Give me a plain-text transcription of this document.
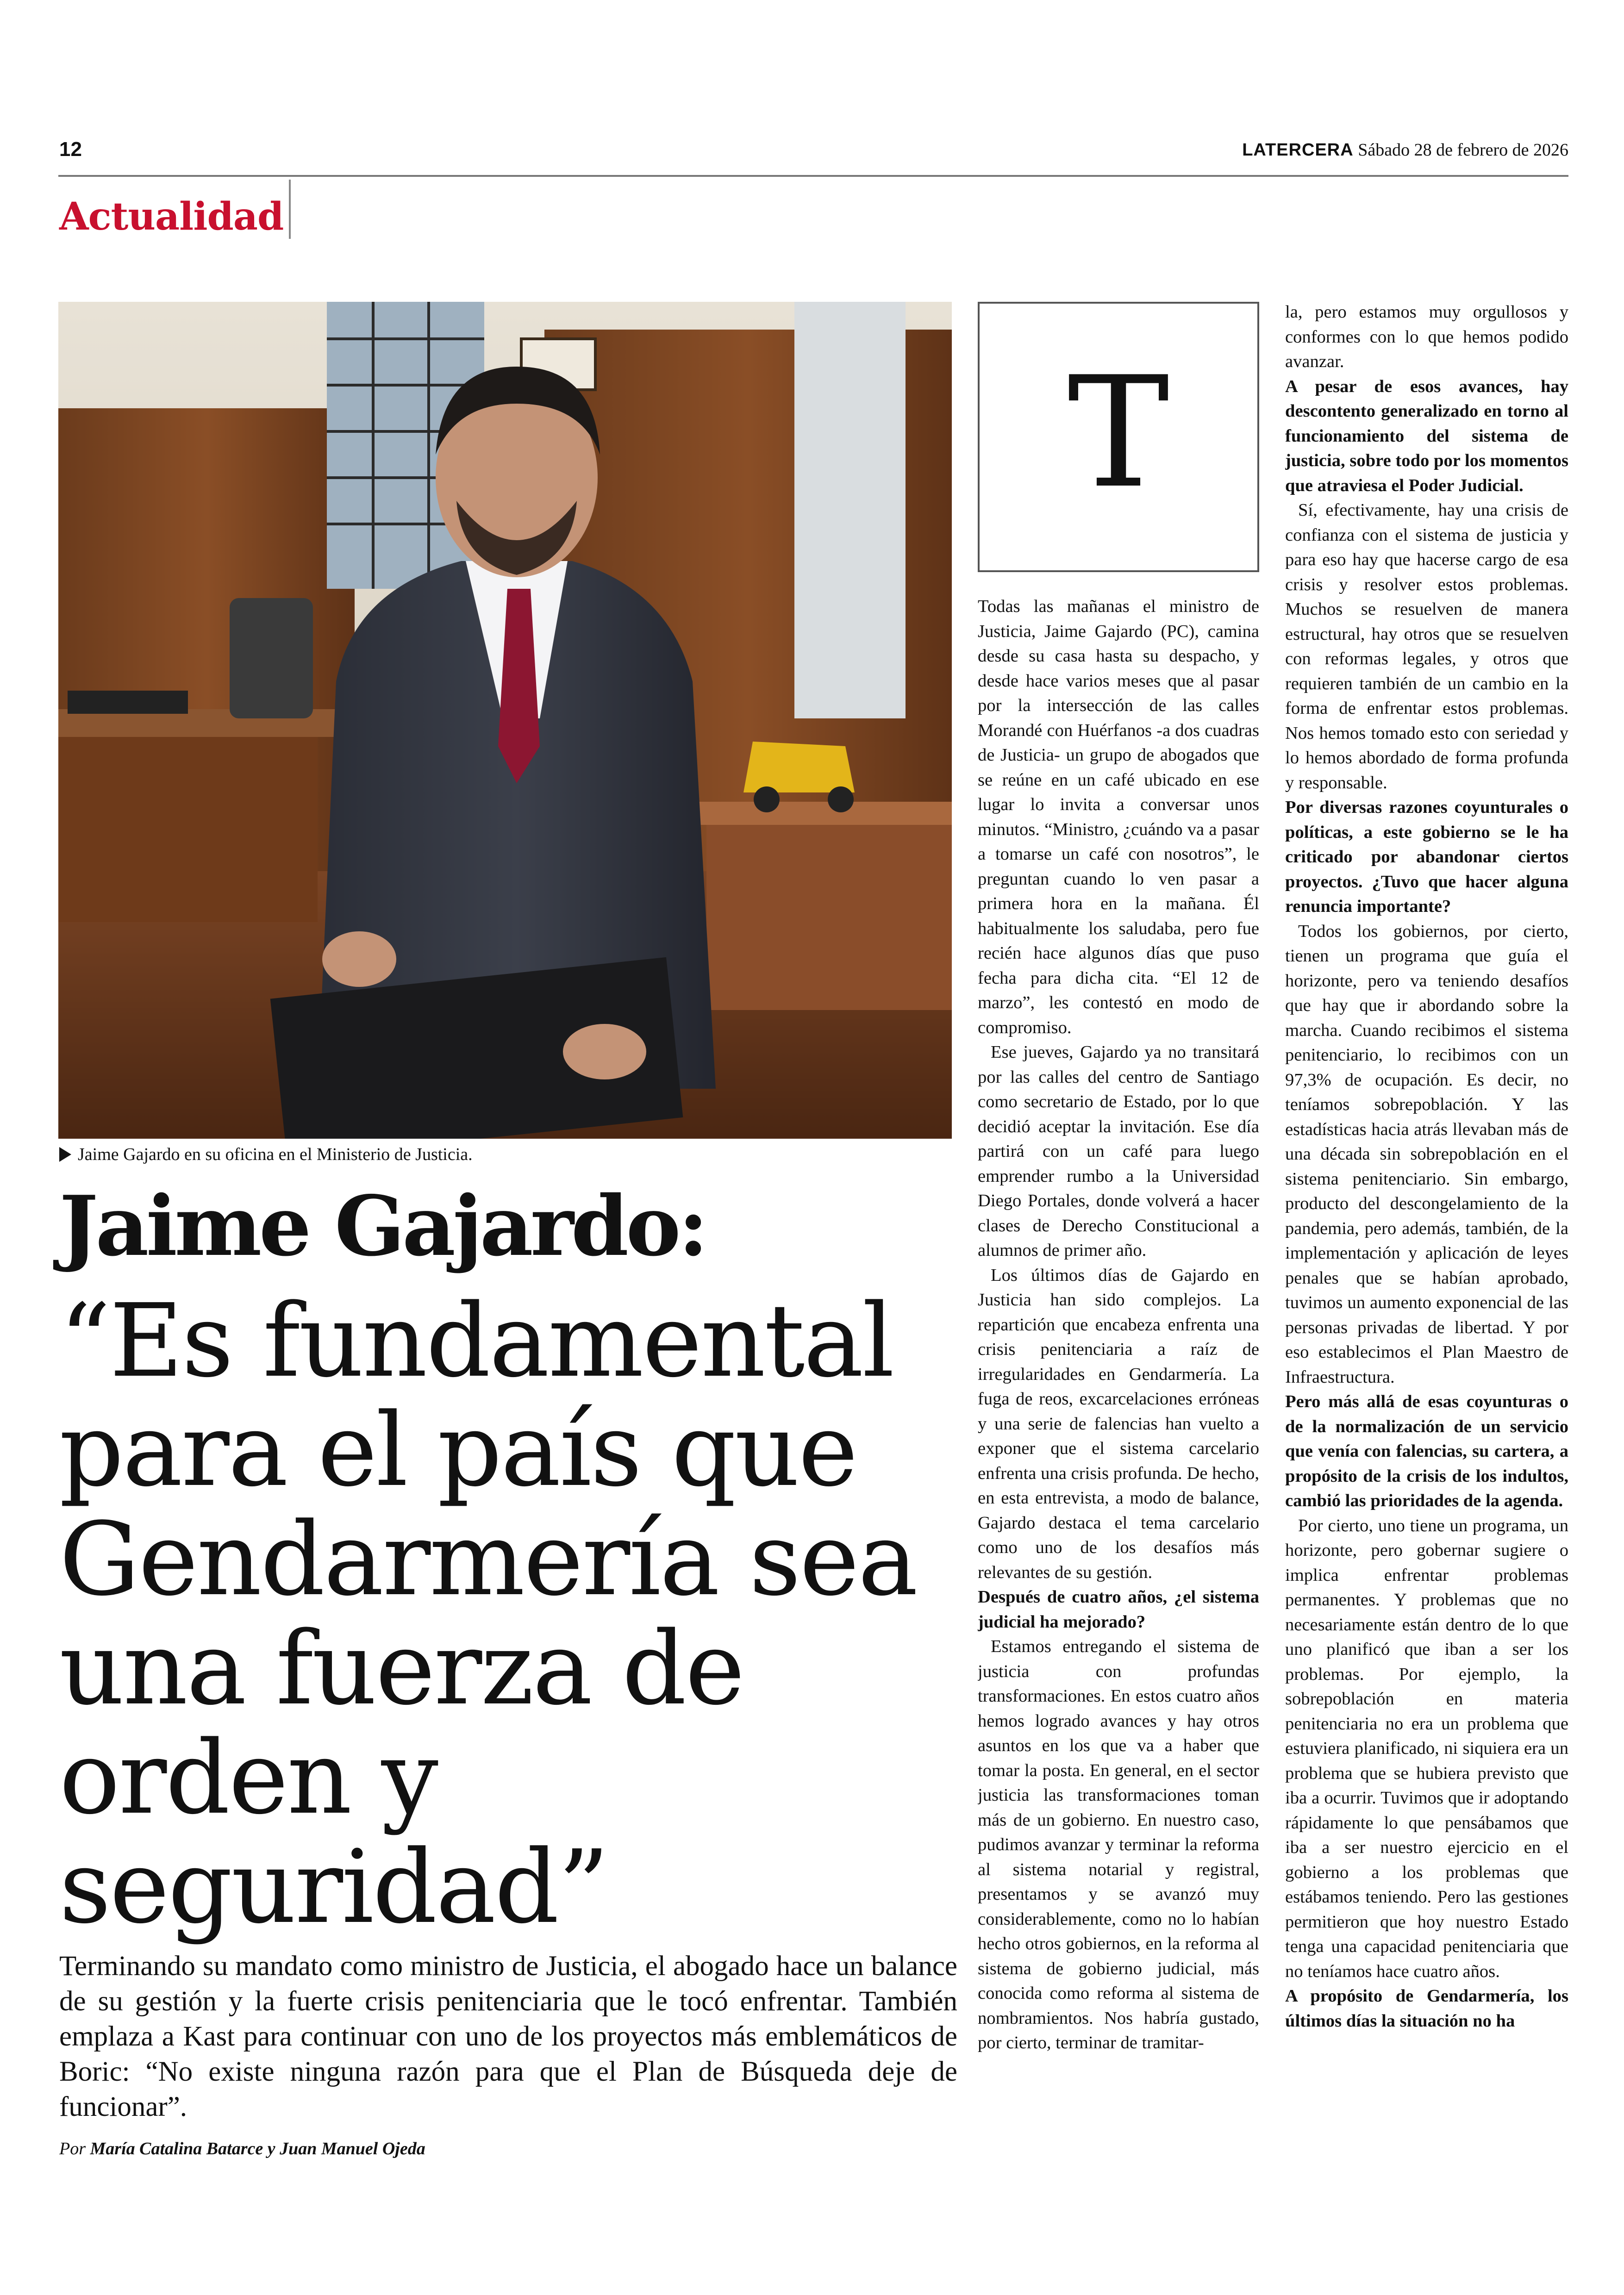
12	LATERCERA Sábado 28 de febrero de 2026
Actualidad
Jaime Gajardo en su oficina en el Ministerio de Justicia.
Jaime Gajardo:
“Es fundamental
para el país que
Gendarmería sea
una fuerza de
orden y seguridad”
Terminando su mandato como ministro de Justicia, el abogado hace un balance de su gestión y la fuerte crisis penitenciaria que le tocó enfrentar. También emplaza a Kast para continuar con uno de los proyectos más emblemáticos de Boric: “No existe ninguna razón para que el Plan de Búsqueda deje de funcionar”.
Por María Catalina Batarce y Juan Manuel Ojeda
T

Todas las mañanas el ministro de Justicia, Jaime Gajardo (PC), camina desde su casa hasta su despacho, y desde hace varios meses que al pasar por la intersección de las calles Morandé con Huérfanos -a dos cuadras de Justicia- un grupo de abogados que se reúne en un café ubicado en ese lugar lo invita a conversar unos minutos. “Ministro, ¿cuándo va a pasar a tomarse un café con nosotros”, le preguntan cuando lo ven pasar a primera hora en la mañana. Él habitualmente los saludaba, pero fue recién hace algunos días que puso fecha para dicha cita. “El 12 de marzo”, les contestó en modo de compromiso.

Ese jueves, Gajardo ya no transitará por las calles del centro de Santiago como secretario de Estado, por lo que decidió aceptar la invitación. Ese día partirá con un café para luego emprender rumbo a la Universidad Diego Portales, donde volverá a hacer clases de Derecho Constitucional a alumnos de primer año.

Los últimos días de Gajardo en Justicia han sido complejos. La repartición que encabeza enfrenta una crisis penitenciaria a raíz de irregularidades en Gendarmería. La fuga de reos, excarcelaciones erróneas y una serie de falencias han vuelto a exponer que el sistema carcelario enfrenta una crisis profunda. De hecho, en esta entrevista, a modo de balance, Gajardo destaca el tema carcelario como uno de los desafíos más relevantes de su gestión.

Después de cuatro años, ¿el sistema judicial ha mejorado?

Estamos entregando el sistema de justicia con profundas transformaciones. En estos cuatro años hemos logrado avances y hay otros asuntos en los que va a haber que tomar la posta. En general, en el sector justicia las transformaciones toman más de un gobierno. En nuestro caso, pudimos avanzar y terminar la reforma al sistema notarial y registral, presentamos y se avanzó muy considerablemente, como no lo habían hecho otros gobiernos, en la reforma al sistema de gobierno judicial, más conocida como reforma al sistema de nombramientos. Nos habría gustado, por cierto, terminar de tramitar-

la, pero estamos muy orgullosos y conformes con lo que hemos podido avanzar.

A pesar de esos avances, hay descontento generalizado en torno al funcionamiento del sistema de justicia, sobre todo por los momentos que atraviesa el Poder Judicial.

Sí, efectivamente, hay una crisis de confianza con el sistema de justicia y para eso hay que hacerse cargo de esa crisis y resolver estos problemas. Muchos se resuelven de manera estructural, hay otros que se resuelven con reformas legales, y otros que requieren también de un cambio en la forma de enfrentar estos problemas. Nos hemos tomado esto con seriedad y lo hemos abordado de forma profunda y responsable.

Por diversas razones coyunturales o políticas, a este gobierno se le ha criticado por abandonar ciertos proyectos. ¿Tuvo que hacer alguna renuncia importante?

Todos los gobiernos, por cierto, tienen un programa que guía el horizonte, pero va teniendo desafíos que hay que ir abordando sobre la marcha. Cuando recibimos el sistema penitenciario, lo recibimos con un 97,3% de ocupación. Es decir, no teníamos sobrepoblación. Y las estadísticas hacia atrás llevaban más de una década sin sobrepoblación en el sistema penitenciario. Sin embargo, producto del descongelamiento de la pandemia, pero además, también, de la implementación y aplicación de leyes penales que se habían aprobado, tuvimos un aumento exponencial de las personas privadas de libertad. Y por eso establecimos el Plan Maestro de Infraestructura.

Pero más allá de esas coyunturas o de la normalización de un servicio que venía con falencias, su cartera, a propósito de la crisis de los indultos, cambió las prioridades de la agenda.

Por cierto, uno tiene un programa, un horizonte, pero gobernar sugiere o implica enfrentar problemas permanentes. Y problemas que no necesariamente están dentro de lo que uno planificó que iban a ser los problemas. Por ejemplo, la sobrepoblación en materia penitenciaria no era un problema que estuviera planificado, ni siquiera era un problema que se hubiera previsto que iba a ocurrir. Tuvimos que ir adoptando rápidamente lo que pensábamos que iba a ser nuestro ejercicio en el gobierno a los problemas que estábamos teniendo. Pero las gestiones permitieron que hoy nuestro Estado tenga una capacidad penitenciaria que no teníamos hace cuatro años.

A propósito de Gendarmería, los últimos días la situación no ha
